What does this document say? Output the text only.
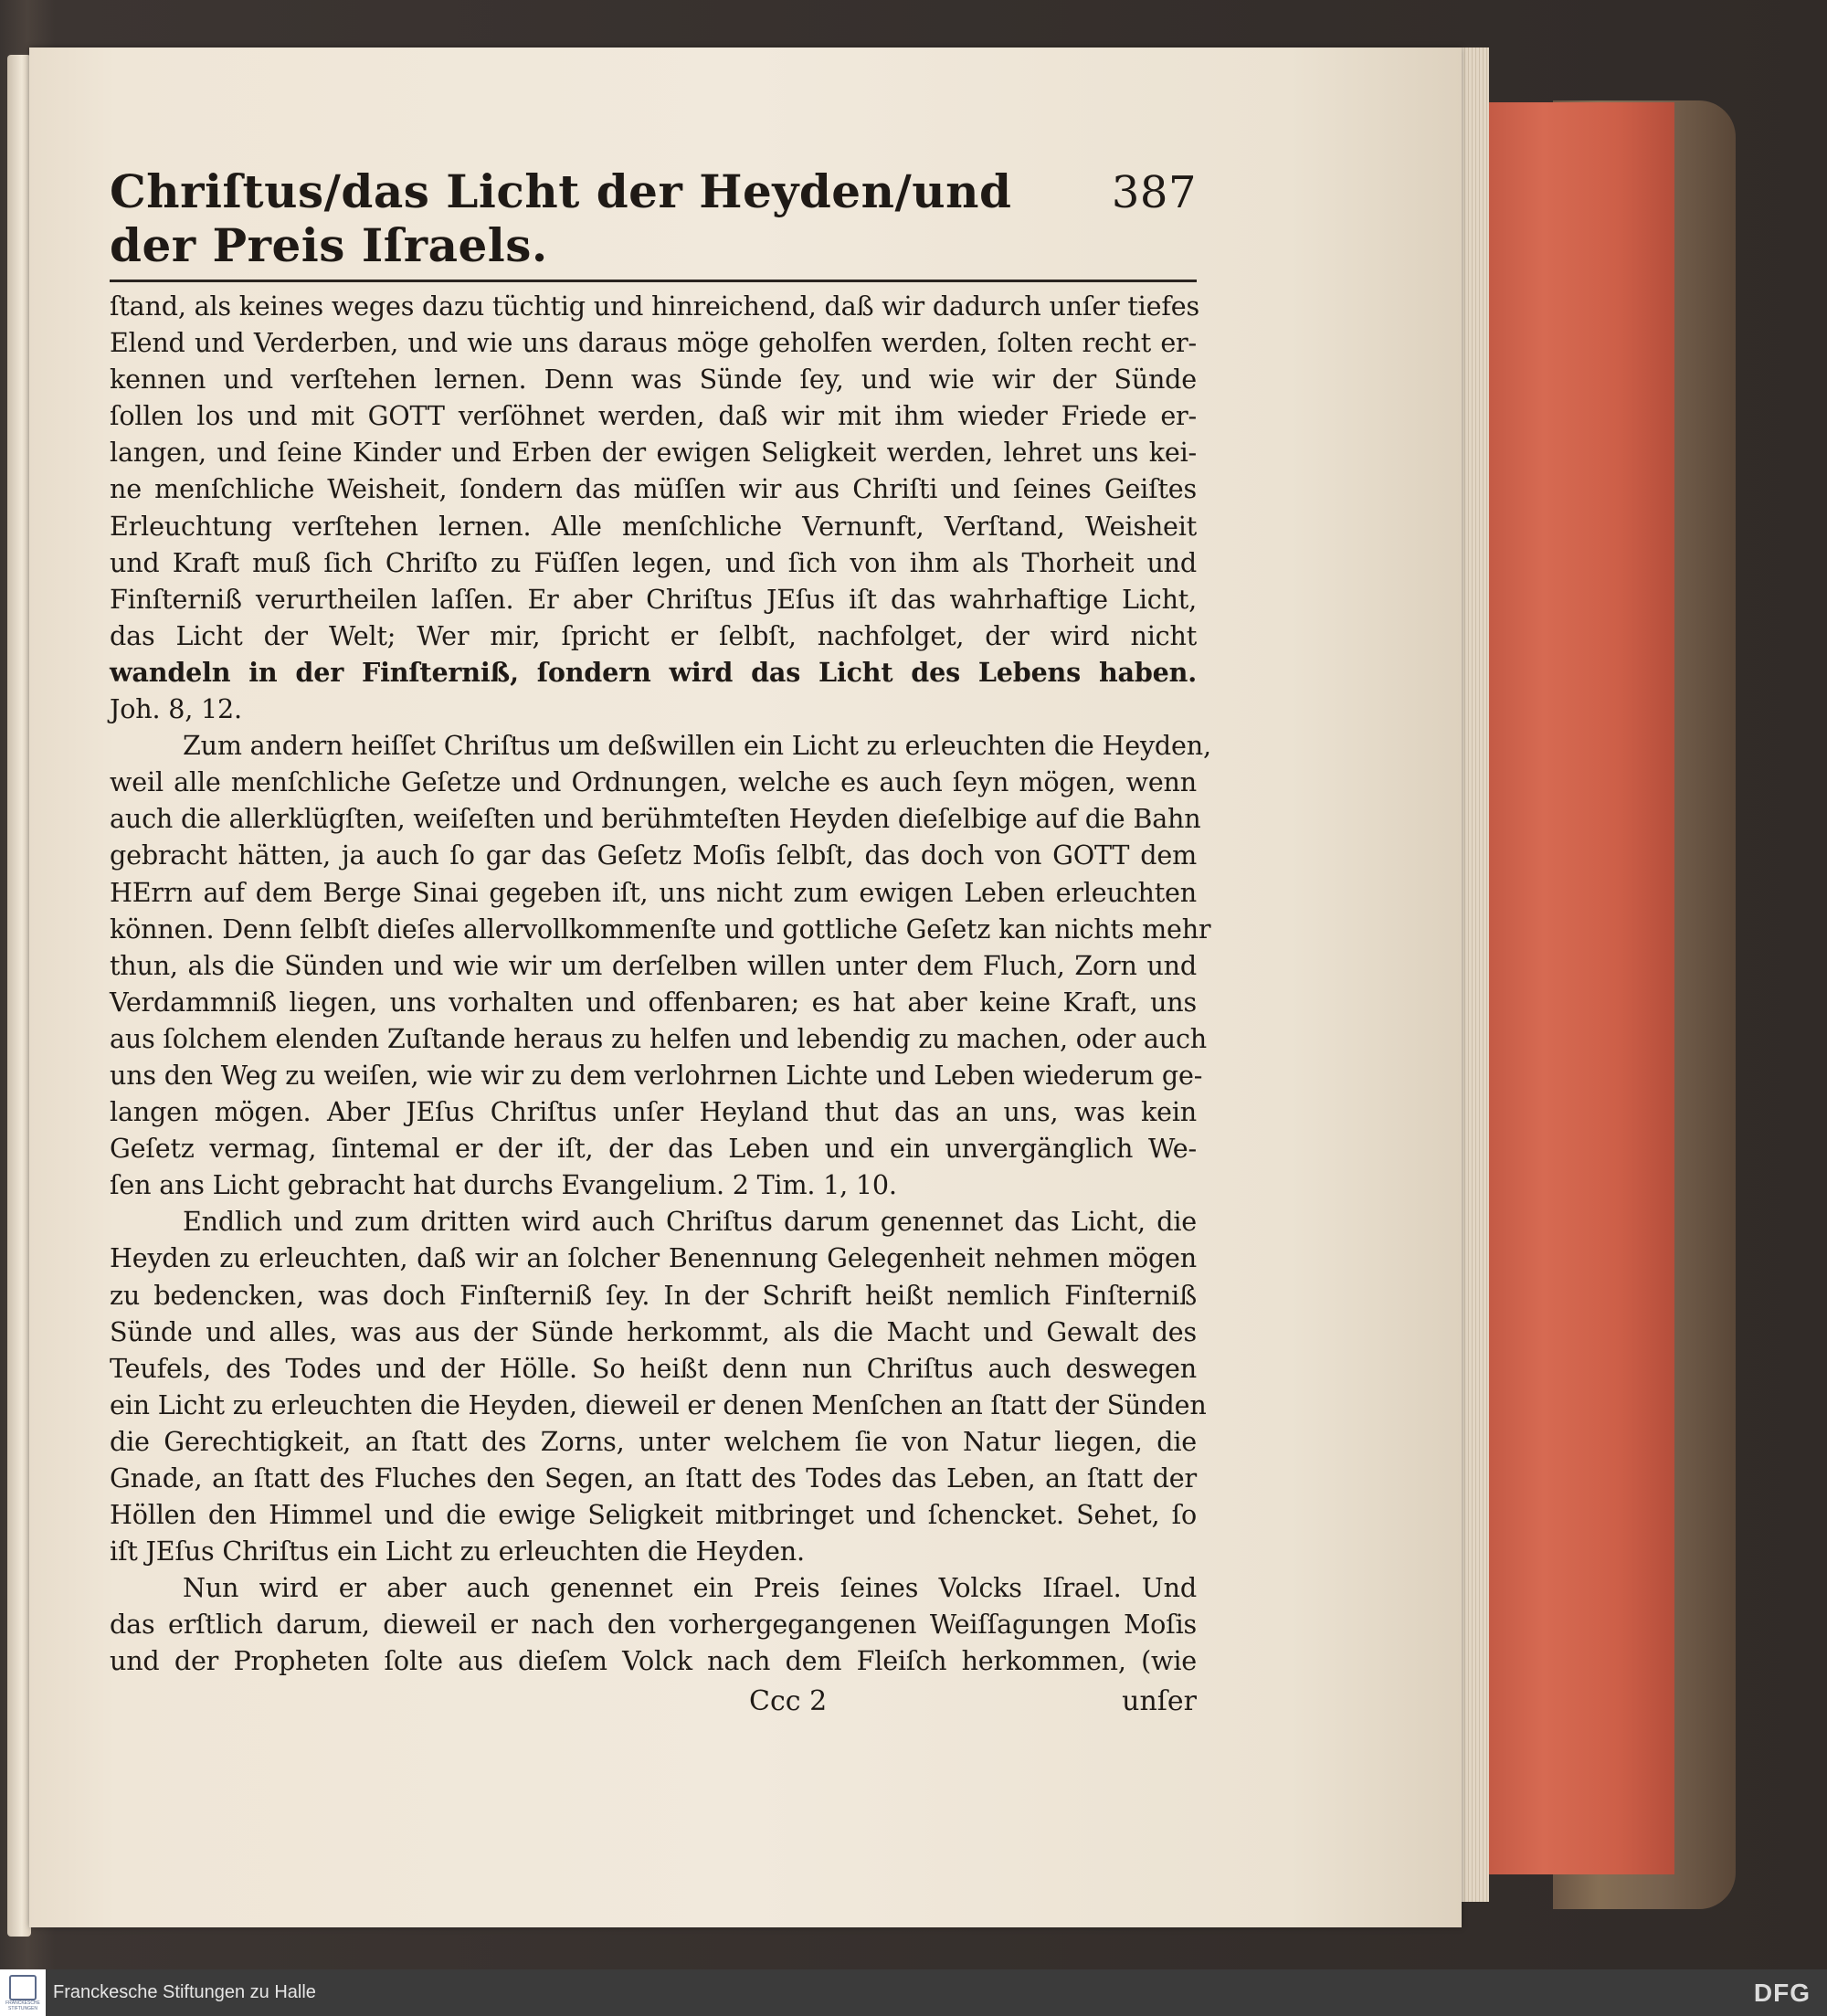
Chriſtus/das Licht der Heyden/und der Preis Iſraels.
387
ſtand, als keines weges dazu tüchtig und hinreichend, daß wir dadurch unſer tiefes
Elend und Verderben, und wie uns daraus möge geholfen werden, ſolten recht er-
kennen und verſtehen lernen. Denn was Sünde ſey, und wie wir der Sünde
ſollen los und mit GOTT verſöhnet werden, daß wir mit ihm wieder Friede er-
langen, und ſeine Kinder und Erben der ewigen Seligkeit werden, lehret uns kei-
ne menſchliche Weisheit, ſondern das müſſen wir aus Chriſti und ſeines Geiſtes
Erleuchtung verſtehen lernen. Alle menſchliche Vernunft, Verſtand, Weisheit
und Kraft muß ſich Chriſto zu Füſſen legen, und ſich von ihm als Thorheit und
Finſterniß verurtheilen laſſen. Er aber Chriſtus JEſus iſt das wahrhaftige Licht,
das Licht der Welt; Wer mir, ſpricht er ſelbſt, nachfolget, der wird nicht
wandeln in der Finſterniß, ſondern wird das Licht des Lebens haben.
Joh. 8, 12.
Zum andern heiſſet Chriſtus um deßwillen ein Licht zu erleuchten die Heyden,
weil alle menſchliche Geſetze und Ordnungen, welche es auch ſeyn mögen, wenn
auch die allerklügſten, weiſeſten und berühmteſten Heyden dieſelbige auf die Bahn
gebracht hätten, ja auch ſo gar das Geſetz Moſis ſelbſt, das doch von GOTT dem
HErrn auf dem Berge Sinai gegeben iſt, uns nicht zum ewigen Leben erleuchten
können. Denn ſelbſt dieſes allervollkommenſte und gottliche Geſetz kan nichts mehr
thun, als die Sünden und wie wir um derſelben willen unter dem Fluch, Zorn und
Verdammniß liegen, uns vorhalten und offenbaren; es hat aber keine Kraft, uns
aus ſolchem elenden Zuſtande heraus zu helfen und lebendig zu machen, oder auch
uns den Weg zu weiſen, wie wir zu dem verlohrnen Lichte und Leben wiederum ge-
langen mögen. Aber JEſus Chriſtus unſer Heyland thut das an uns, was kein
Geſetz vermag, ſintemal er der iſt, der das Leben und ein unvergänglich We-
ſen ans Licht gebracht hat durchs Evangelium. 2 Tim. 1, 10.
Endlich und zum dritten wird auch Chriſtus darum genennet das Licht, die
Heyden zu erleuchten, daß wir an ſolcher Benennung Gelegenheit nehmen mögen
zu bedencken, was doch Finſterniß ſey. In der Schrift heißt nemlich Finſterniß
Sünde und alles, was aus der Sünde herkommt, als die Macht und Gewalt des
Teufels, des Todes und der Hölle. So heißt denn nun Chriſtus auch deswegen
ein Licht zu erleuchten die Heyden, dieweil er denen Menſchen an ſtatt der Sünden
die Gerechtigkeit, an ſtatt des Zorns, unter welchem ſie von Natur liegen, die
Gnade, an ſtatt des Fluches den Segen, an ſtatt des Todes das Leben, an ſtatt der
Höllen den Himmel und die ewige Seligkeit mitbringet und ſchencket. Sehet, ſo
iſt JEſus Chriſtus ein Licht zu erleuchten die Heyden.
Nun wird er aber auch genennet ein Preis ſeines Volcks Iſrael. Und
das erſtlich darum, dieweil er nach den vorhergegangenen Weiſſagungen Moſis
und der Propheten ſolte aus dieſem Volck nach dem Fleiſch herkommen, (wie
Ccc 2	unſer
FRANCKESCHE STIFTUNGEN
Franckesche Stiftungen zu Halle	DFG
